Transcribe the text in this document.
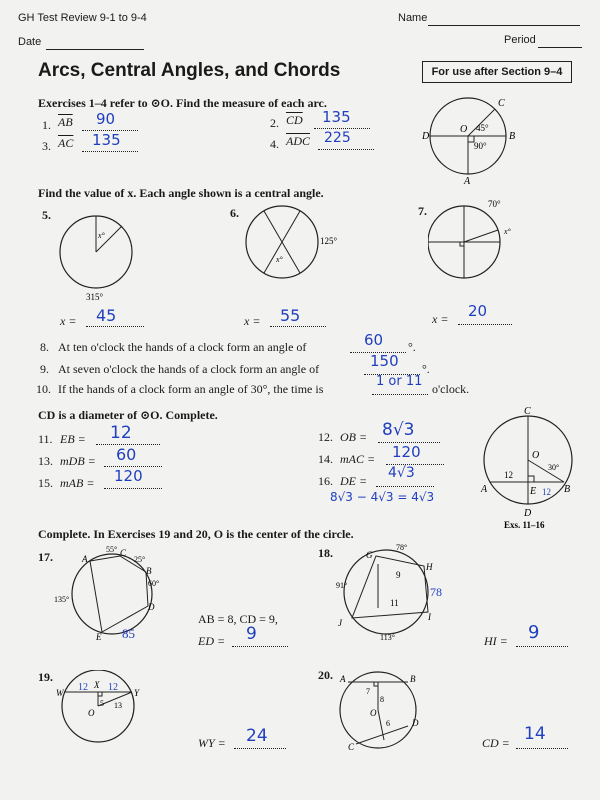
GH Test Review 9-1 to 9-4	Name
Date	Period
Arcs, Central Angles, and Chords	For use after Section 9–4
Exercises 1–4 refer to ⊙O. Find the measure of each arc.
1. $\overline{AB}$ 90	2. $\overline{CD}$ 135
3. $\overline{AC}$ 135	4. $\overline{ADC}$ 225
C
D
O
B
A
45°
90°
Find the value of x. Each angle shown is a central angle.
5.
x°
315°
6.
x°
125°
7.	70°
x°
x = 45	x = 55	x = 20
8. At ten o'clock the hands of a clock form an angle of	60 °.
9. At seven o'clock the hands of a clock form an angle of	150 °.
10. If the hands of a clock form an angle of 30°, the time is	1 or 11 o'clock.
CD is a diameter of ⊙O. Complete.
11. EB = 12	12. OB = 8√3
13. mDB = 60	14. mAC = 120
15. mAB = 120	16. DE = 4√3
8√3 − 4√3 = 4√3
C
O
A	B
D
E
12
12
30°
Exs. 11–16
Complete. In Exercises 19 and 20, O is the center of the circle.
17.	A
C
B
D
E
55°
25°
60°
135°
85
AB = 8, CD = 9,
ED = 9
18.	G
H
I
J
78°
91°
113°
9
11
78
HI = 9
19.
W
X
Y
O
5 13
12 12
WY = 24
20. A	B
C
D
O
7
8
6
CD = 14
